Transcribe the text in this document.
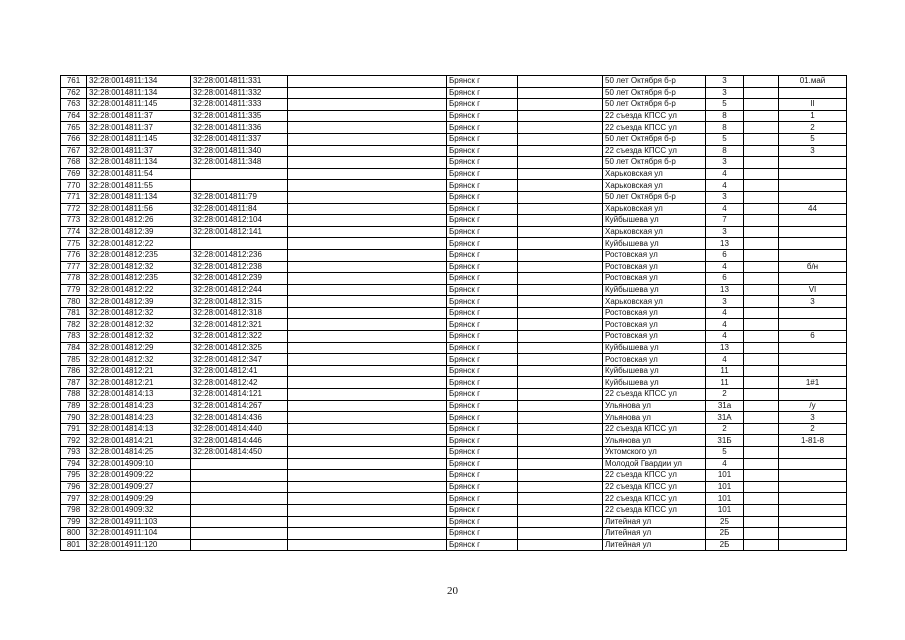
761	32:28:0014811:134	32:28:0014811:331		Брянск г		50 лет Октября б-р	3		01.май
762	32:28:0014811:134	32:28:0014811:332		Брянск г		50 лет Октября б-р	3		
763	32:28:0014811:145	32:28:0014811:333		Брянск г		50 лет Октября б-р	5		II
764	32:28:0014811:37	32:28:0014811:335		Брянск г		22 съезда КПСС ул	8		1
765	32:28:0014811:37	32:28:0014811:336		Брянск г		22 съезда КПСС ул	8		2
766	32:28:0014811:145	32:28:0014811:337		Брянск г		50 лет Октября б-р	5		5
767	32:28:0014811:37	32:28:0014811:340		Брянск г		22 съезда КПСС ул	8		3
768	32:28:0014811:134	32:28:0014811:348		Брянск г		50 лет Октября б-р	3		
769	32:28:0014811:54			Брянск г		Харьковская ул	4		
770	32:28:0014811:55			Брянск г		Харьковская ул	4		
771	32:28:0014811:134	32:28:0014811:79		Брянск г		50 лет Октября б-р	3		
772	32:28:0014811:56	32:28:0014811:84		Брянск г		Харьковская ул	4		44
773	32:28:0014812:26	32:28:0014812:104		Брянск г		Куйбышева ул	7		
774	32:28:0014812:39	32:28:0014812:141		Брянск г		Харьковская ул	3		
775	32:28:0014812:22			Брянск г		Куйбышева ул	13		
776	32:28:0014812:235	32:28:0014812:236		Брянск г		Ростовская ул	6		
777	32:28:0014812:32	32:28:0014812:238		Брянск г		Ростовская ул	4		б/н
778	32:28:0014812:235	32:28:0014812:239		Брянск г		Ростовская ул	6		
779	32:28:0014812:22	32:28:0014812:244		Брянск г		Куйбышева ул	13		VI
780	32:28:0014812:39	32:28:0014812:315		Брянск г		Харьковская ул	3		3
781	32:28:0014812:32	32:28:0014812:318		Брянск г		Ростовская ул	4		
782	32:28:0014812:32	32:28:0014812:321		Брянск г		Ростовская ул	4		
783	32:28:0014812:32	32:28:0014812:322		Брянск г		Ростовская ул	4		6
784	32:28:0014812:29	32:28:0014812:325		Брянск г		Куйбышева ул	13		
785	32:28:0014812:32	32:28:0014812:347		Брянск г		Ростовская ул	4		
786	32:28:0014812:21	32:28:0014812:41		Брянск г		Куйбышева ул	11		
787	32:28:0014812:21	32:28:0014812:42		Брянск г		Куйбышева ул	11		1#1
788	32:28:0014814:13	32:28:0014814:121		Брянск г		22 съезда КПСС ул	2		
789	32:28:0014814:23	32:28:0014814:267		Брянск г		Ульянова ул	31а		/у
790	32:28:0014814:23	32:28:0014814:436		Брянск г		Ульянова ул	31А		3
791	32:28:0014814:13	32:28:0014814:440		Брянск г		22 съезда КПСС ул	2		2
792	32:28:0014814:21	32:28:0014814:446		Брянск г		Ульянова ул	31Б		1-81-8
793	32:28:0014814:25	32:28:0014814:450		Брянск г		Уктомского ул	5		
794	32:28:0014909:10			Брянск г		Молодой Гвардии ул	4		
795	32:28:0014909:22			Брянск г		22 съезда КПСС ул	101		
796	32:28:0014909:27			Брянск г		22 съезда КПСС ул	101		
797	32:28:0014909:29			Брянск г		22 съезда КПСС ул	101		
798	32:28:0014909:32			Брянск г		22 съезда КПСС ул	101		
799	32:28:0014911:103			Брянск г		Литейная ул	25		
800	32:28:0014911:104			Брянск г		Литейная ул	2Б		
801	32:28:0014911:120			Брянск г		Литейная ул	2Б		
20
